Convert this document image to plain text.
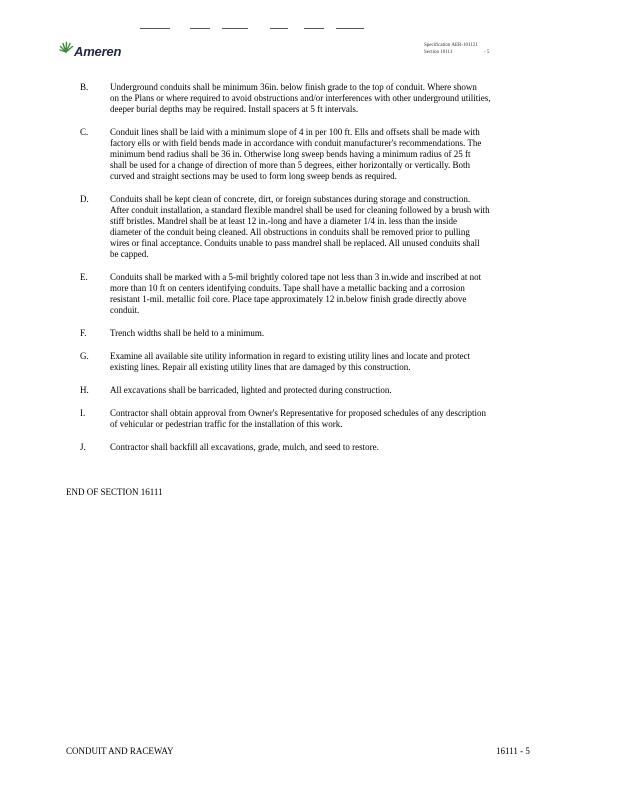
Ameren	Specification AER-101121
Section 16111	- 5
B. Underground conduits shall be minimum 36in. below finish grade to the top of conduit. Where shown
on the Plans or where required to avoid obstructions and/or interferences with other underground utilities,
deeper burial depths may be required. Install spacers at 5 ft intervals.
C. Conduit lines shall be laid with a minimum slope of 4 in per 100 ft. Ells and offsets shall be made with
factory ells or with field bends made in accordance with conduit manufacturer's recommendations. The
minimum bend radius shall be 36 in. Otherwise long sweep bends having a minimum radius of 25 ft
shall be used for a change of direction of more than 5 degrees, either horizontally or vertically. Both
curved and straight sections may be used to form long sweep bends as required.
D. Conduits shall be kept clean of concrete, dirt, or foreign substances during storage and construction.
After conduit installation, a standard flexible mandrel shall be used for cleaning followed by a brush with
stiff bristles. Mandrel shall be at least 12 in.-long and have a diameter 1/4 in. less than the inside
diameter of the conduit being cleaned. All obstructions in conduits shall be removed prior to pulling
wires or final acceptance. Conduits unable to pass mandrel shall be replaced. All unused conduits shall
be capped.
E. Conduits shall be marked with a 5-mil brightly colored tape not less than 3 in.wide and inscribed at not
more than 10 ft on centers identifying conduits. Tape shall have a metallic backing and a corrosion
resistant 1-mil. metallic foil core. Place tape approximately 12 in.below finish grade directly above
conduit.
F.	Trench widths shall be held to a minimum.
G. Examine all available site utility information in regard to existing utility lines and locate and protect
existing lines. Repair all existing utility lines that are damaged by this construction.
H. All excavations shall be barricaded, lighted and protected during construction.
I.	Contractor shall obtain approval from Owner's Representative for proposed schedules of any description
of vehicular or pedestrian traffic for the installation of this work.
J.	Contractor shall backfill all excavations, grade, mulch, and seed to restore.
END OF SECTION 16111
CONDUIT AND RACEWAY	16111 - 5
